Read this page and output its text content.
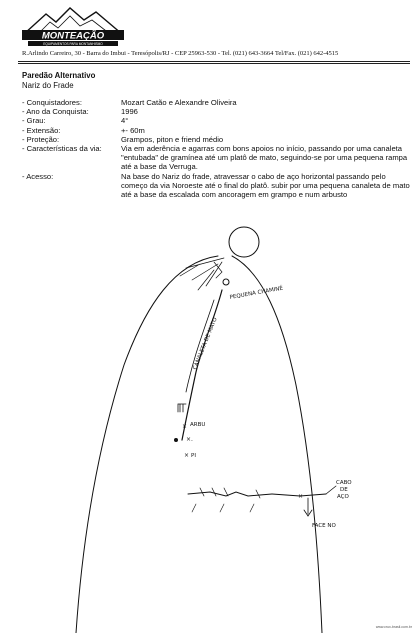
MONTEAÇÃO
EQUIPAMENTOS PARA MONTANHISMO
R.Arlindo Carreiro, 30 - Barra do Imbui - Teresópolis/RJ - CEP 25963-530 - Tel. (021) 643-3664 Tel/Fax. (021) 642-4515
Paredão Alternativo
Nariz do Frade
- Conquistadores:	Mozart Catão e Alexandre Oliveira
- Ano da Conquista:	1996
- Grau:	4°
- Extensão:	+- 60m
- Proteção:	Grampos, piton e friend médio
- Características da via:	Via em aderência e agarras com bons apoios no início, passando por uma canaleta "entubada" de gramínea até um platô de mato, seguindo-se por uma pequena rampa até a base da Verruga.
- Acesso:	Na base do Nariz do frade, atravessar o cabo de aço horizontal passando pelo começo da via Noroeste até o final do platô. subir por uma pequena canaleta de mato até a base da escalada com ancoragem em grampo e num arbusto
PEQUENA CHAMINÉ
CANALETA DE MATO
ARBU
×
×.
× PI
CABO
DE
AÇO
FACE NO
×
www.crux-brasil.com.br
